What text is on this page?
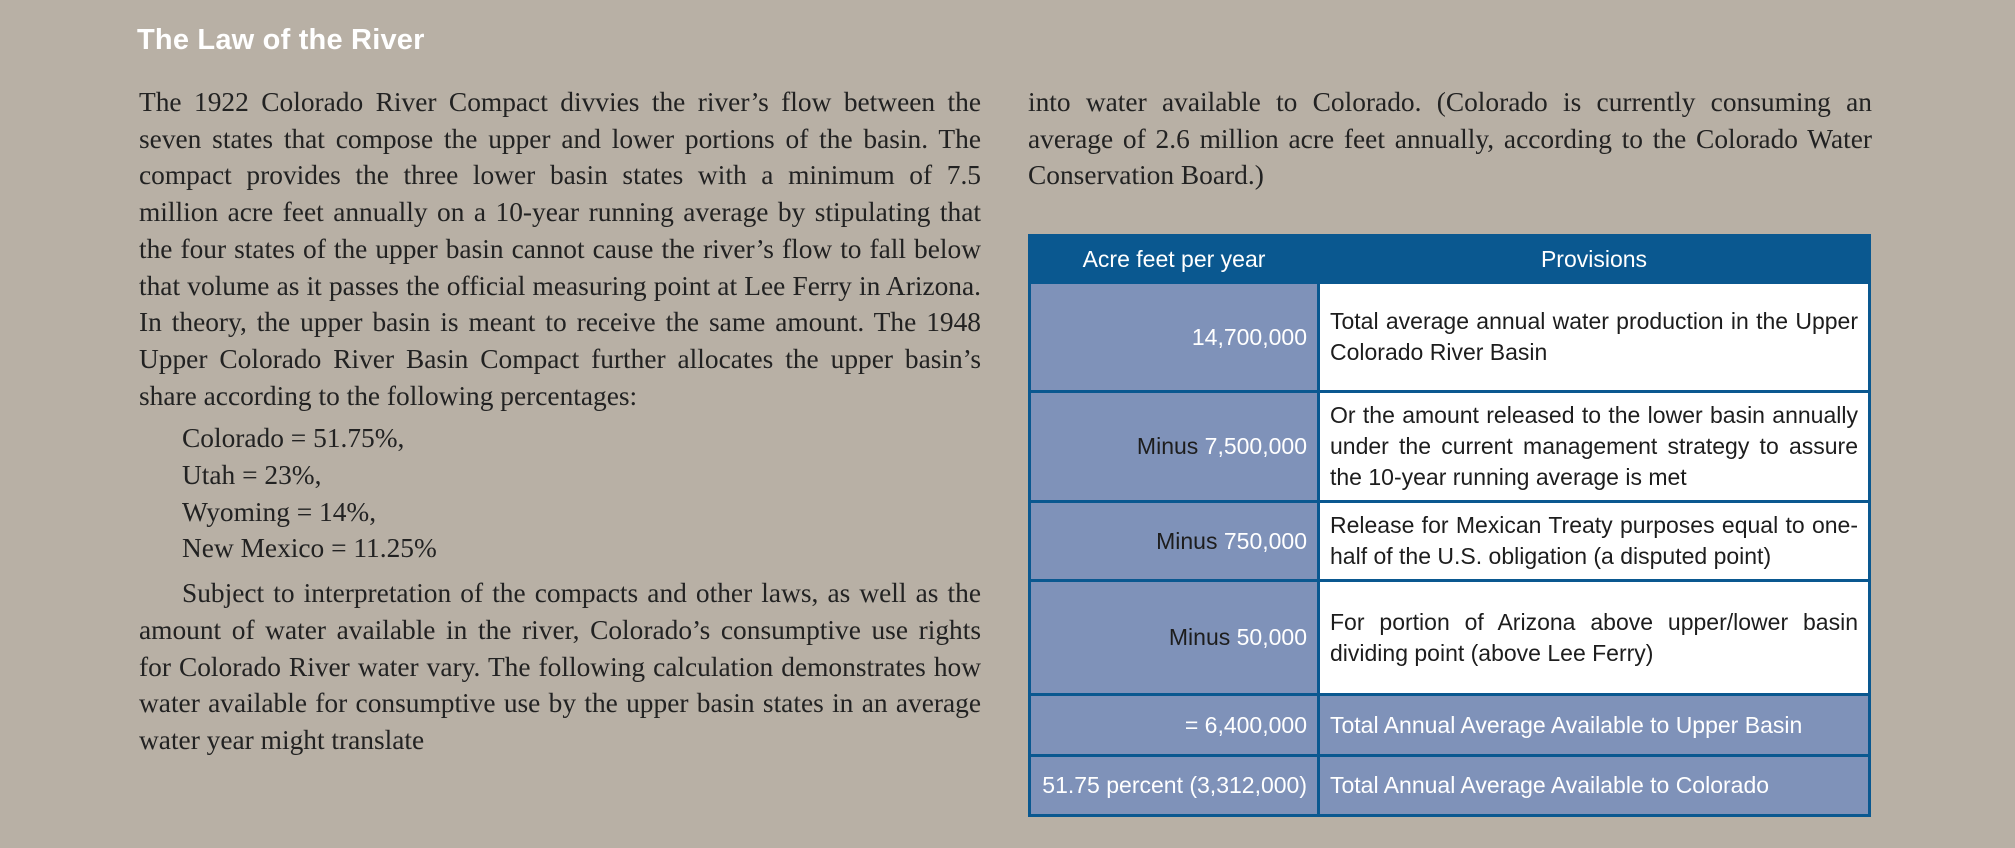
The Law of the River

The 1922 Colorado River Compact divvies the river’s flow between the seven states that compose the upper and lower portions of the basin. The compact provides the three lower basin states with a minimum of 7.5 million acre feet annually on a 10-year running average by stipulating that the four states of the upper basin cannot cause the river’s flow to fall below that volume as it passes the official measuring point at Lee Ferry in Arizona. In theory, the upper basin is meant to receive the same amount. The 1948 Upper Colorado River Basin Compact further allocates the upper basin’s share according to the following percentages:

Colorado = 51.75%,
Utah = 23%,
Wyoming = 14%,
New Mexico = 11.25%

Subject to interpretation of the compacts and other laws, as well as the amount of water available in the river, Colorado’s consumptive use rights for Colorado River water vary. The following calculation demonstrates how water available for consumptive use by the upper basin states in an average water year might translate

into water available to Colorado. (Colorado is currently consuming an average of 2.6 million acre feet annually, according to the Colorado Water Conservation Board.)

Acre feet per year	Provisions
14,700,000	Total average annual water production in the Upper Colorado River Basin
Minus 7,500,000	Or the amount released to the lower basin annually under the current management strategy to assure the 10-year running average is met
Minus 750,000	Release for Mexican Treaty purposes equal to one-half of the U.S. obligation (a disputed point)
Minus 50,000	For portion of Arizona above upper/lower basin dividing point (above Lee Ferry)
= 6,400,000	Total Annual Average Available to Upper Basin
51.75 percent (3,312,000)	Total Annual Average Available to Colorado
